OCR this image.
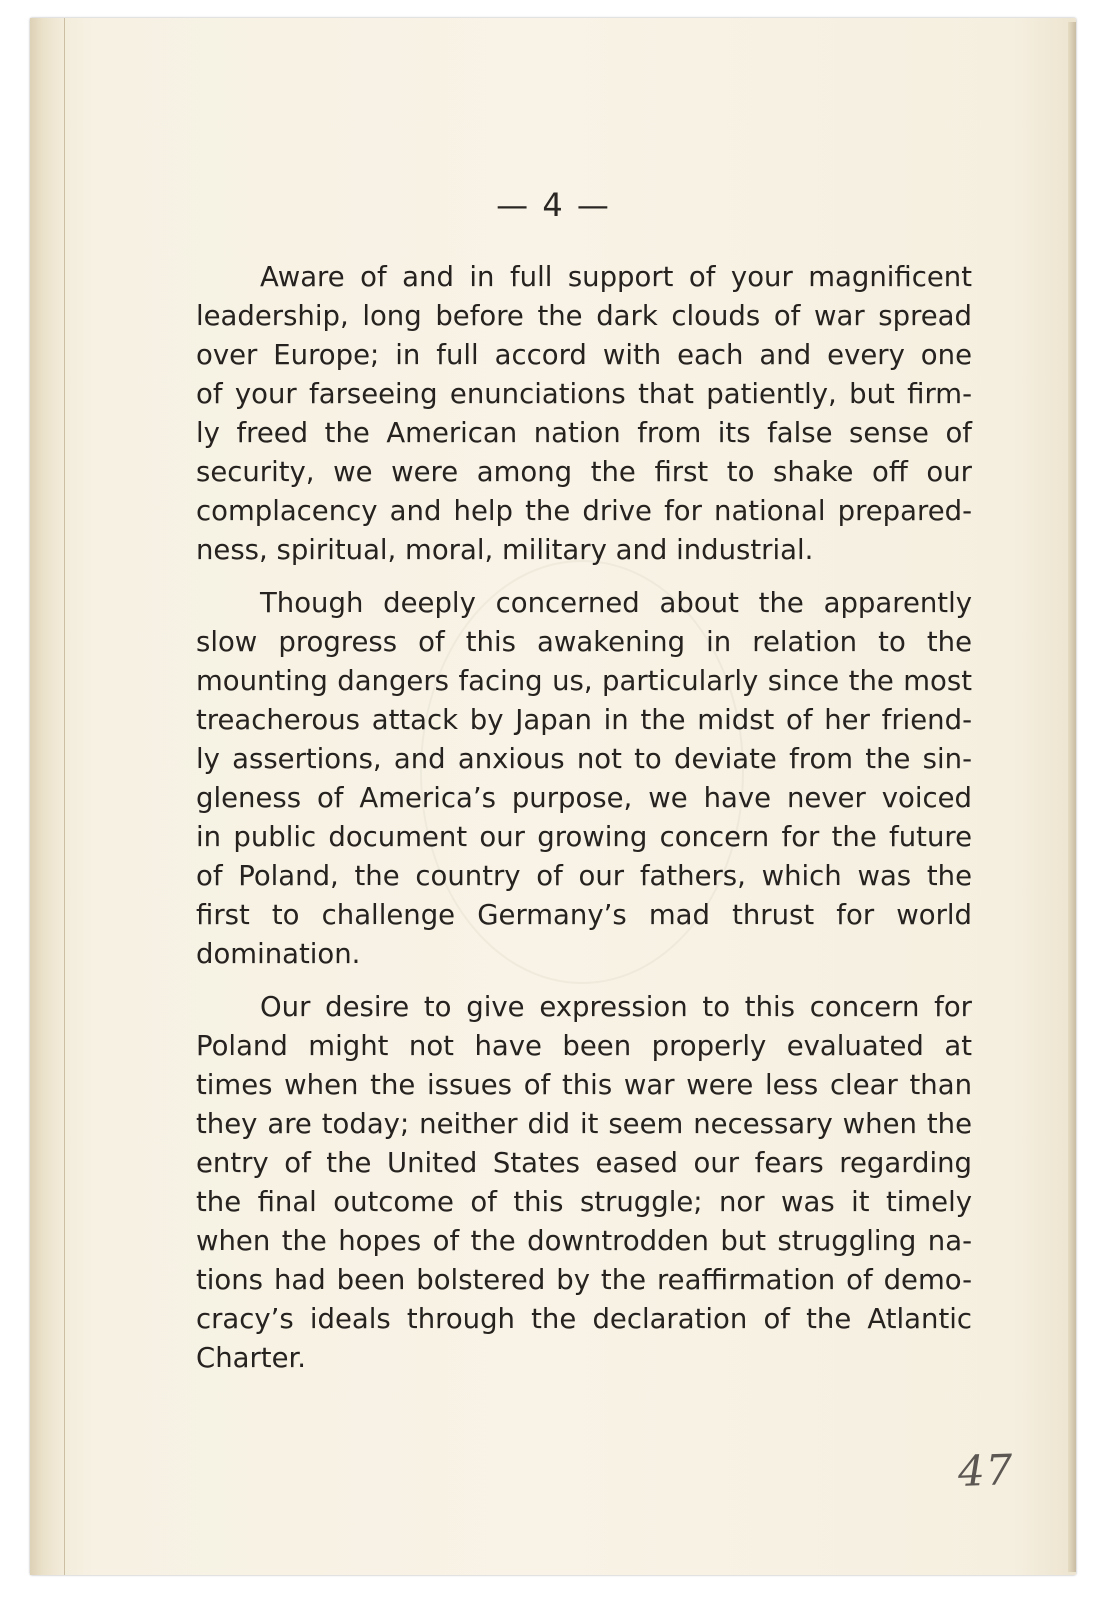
— 4 —

Aware of and in full support of your magnificent
leadership, long before the dark clouds of war spread
over Europe; in full accord with each and every one
of your farseeing enunciations that patiently, but firm-
ly freed the American nation from its false sense of
security, we were among the first to shake off our
complacency and help the drive for national prepared-
ness, spiritual, moral, military and industrial.

Though deeply concerned about the apparently
slow progress of this awakening in relation to the
mounting dangers facing us, particularly since the most
treacherous attack by Japan in the midst of her friend-
ly assertions, and anxious not to deviate from the sin-
gleness of America’s purpose, we have never voiced
in public document our growing concern for the future
of Poland, the country of our fathers, which was the
first to challenge Germany’s mad thrust for world
domination.

Our desire to give expression to this concern for
Poland might not have been properly evaluated at
times when the issues of this war were less clear than
they are today; neither did it seem necessary when the
entry of the United States eased our fears regarding
the final outcome of this struggle; nor was it timely
when the hopes of the downtrodden but struggling na-
tions had been bolstered by the reaffirmation of demo-
cracy’s ideals through the declaration of the Atlantic
Charter.

47
